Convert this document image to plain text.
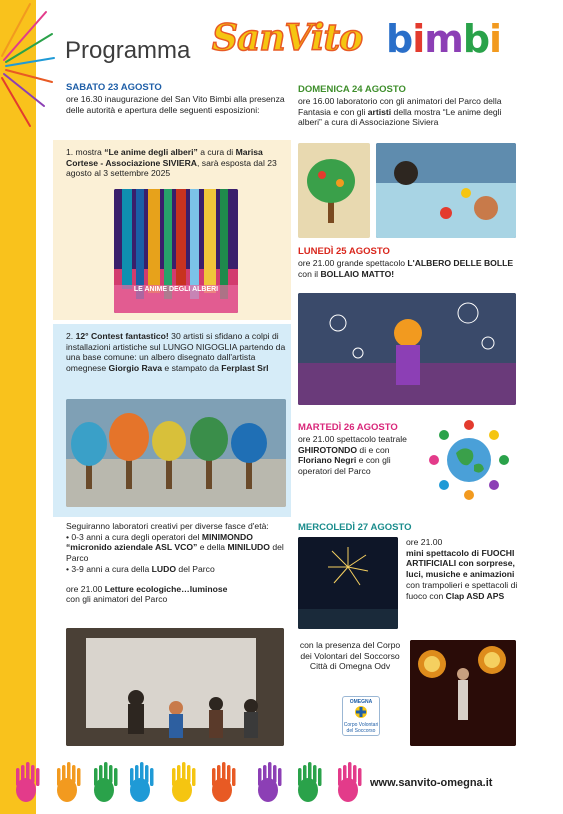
Programma SanVito bimbi
SABATO 23 AGOSTO
ore 16.30 inaugurazione del San Vito Bimbi alla presenza delle autorità e apertura delle seguenti esposizioni:
1. mostra “Le anime degli alberi” a cura di Marisa Cortese - Associazione SIVIERA, sarà esposta dal 23 agosto al 3 settembre 2025
LE ANIME DEGLI ALBERI
2. 12° Contest fantastico! 30 artisti si sfidano a colpi di installazioni artistiche sul LUNGO NIGOGLIA partendo da una base comune: un albero disegnato dall'artista omegnese Giorgio Rava e stampato da Ferplast Srl
Seguiranno laboratori creativi per diverse fasce d'età:
• 0-3 anni a cura degli operatori del MINIMONDO “micronido aziendale ASL VCO” e della MINILUDO del Parco
• 3-9 anni a cura della LUDO del Parco
ore 21.00 Letture ecologiche…luminose
con gli animatori del Parco
DOMENICA 24 AGOSTO
ore 16.00 laboratorio con gli animatori del Parco della Fantasia e con gli artisti della mostra “Le anime degli alberi” a cura di Associazione Siviera
LUNEDÌ 25 AGOSTO
ore 21.00 grande spettacolo L'ALBERO DELLE BOLLE con il BOLLAIO MATTO!
MARTEDÌ 26 AGOSTO
ore 21.00 spettacolo teatrale GHIROTONDO di e con Floriano Negri e con gli operatori del Parco
MERCOLEDÌ 27 AGOSTO
ore 21.00
mini spettacolo di FUOCHI ARTIFICIALI con sorprese, luci, musiche e animazioni con trampolieri e spettacoli di fuoco con Clap ASD APS
con la presenza del Corpo dei Volontari del Soccorso Città di Omegna Odv
OMEGNA
Corpo Volontari del Soccorso
www.sanvito-omegna.it
